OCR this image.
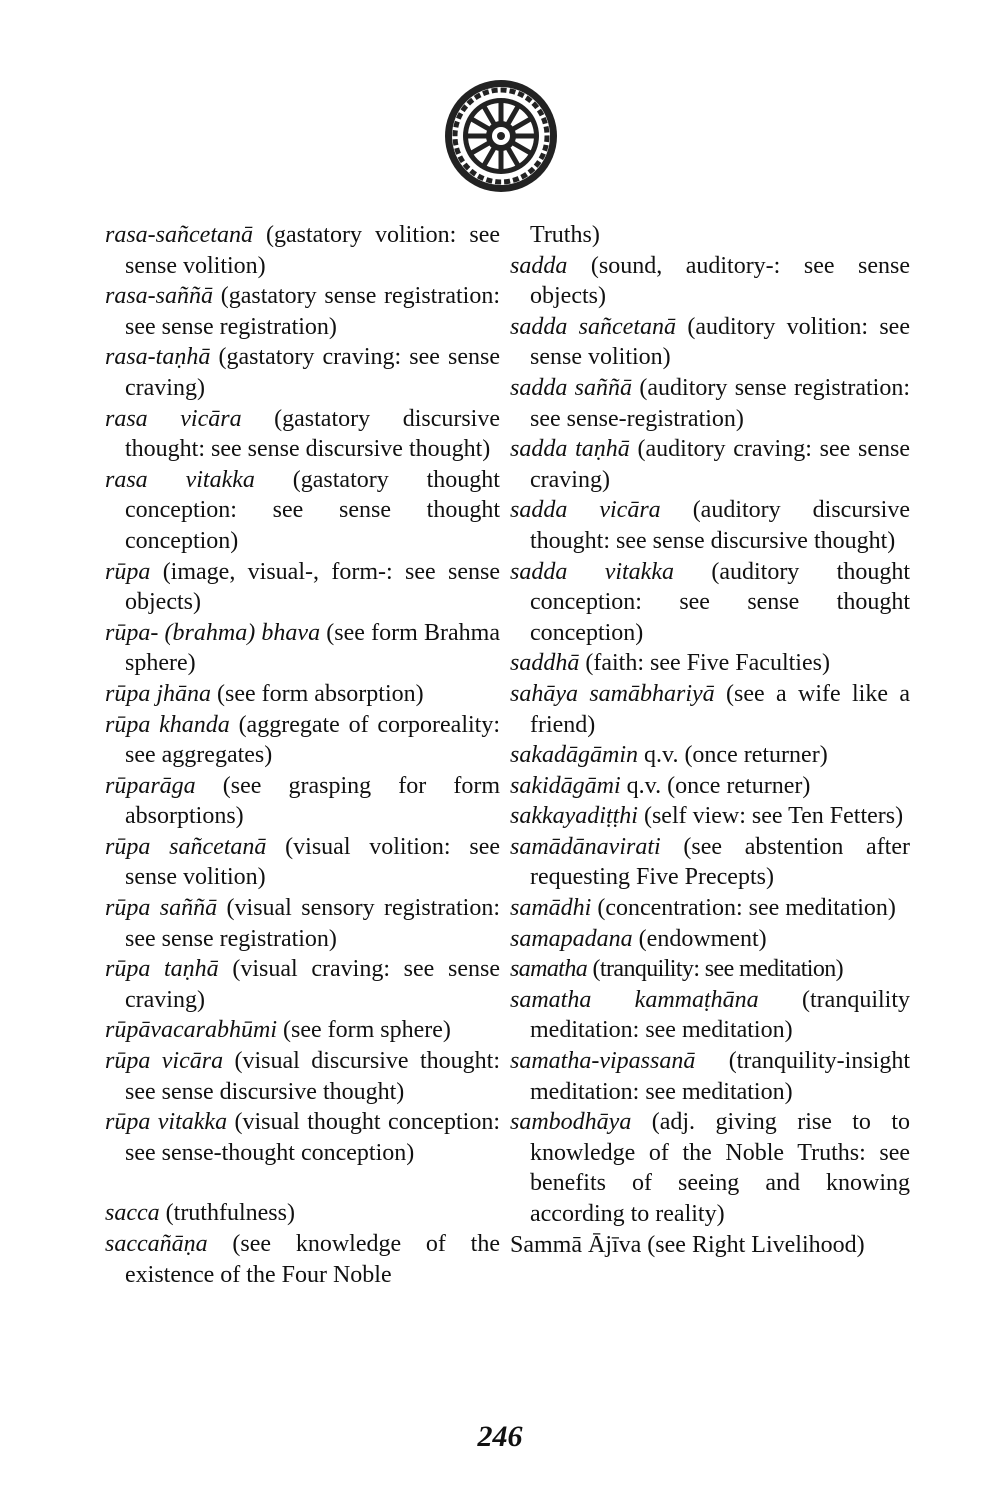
rasa-sañcetanā (gastatory volition: see sense volition)
rasa-saññā (gastatory sense registration: see sense registration)
rasa-taṇhā (gastatory craving: see sense craving)
rasa vicāra (gastatory discursive thought: see sense discursive thought)
rasa vitakka (gastatory thought conception: see sense thought conception)
rūpa (image, visual-, form-: see sense objects)
rūpa- (brahma) bhava (see form Brahma sphere)
rūpa jhāna (see form absorption)
rūpa khanda (aggregate of corporeality: see aggregates)
rūparāga (see grasping for form absorptions)
rūpa sañcetanā (visual volition: see sense volition)
rūpa saññā (visual sensory registration: see sense registration)
rūpa taṇhā (visual craving: see sense craving)
rūpāvacarabhūmi (see form sphere)
rūpa vicāra (visual discursive thought: see sense discursive thought)
rūpa vitakka (visual thought conception: see sense-thought conception)
sacca (truthfulness)
saccañāṇa (see knowledge of the existence of the Four Noble
Truths)
sadda (sound, auditory-: see sense objects)
sadda sañcetanā (auditory volition: see sense volition)
sadda saññā (auditory sense registration: see sense-registration)
sadda taṇhā (auditory craving: see sense craving)
sadda vicāra (auditory discursive thought: see sense discursive thought)
sadda vitakka (auditory thought conception: see sense thought conception)
saddhā (faith: see Five Faculties)
sahāya samābhariyā (see a wife like a friend)
sakadāgāmin q.v. (once returner)
sakidāgāmi q.v. (once returner)
sakkayadiṭṭhi (self view: see Ten Fetters)
samādānavirati (see abstention after requesting Five Precepts)
samādhi (concentration: see meditation)
samapadana (endowment)
samatha (tranquility: see meditation)
samatha kammaṭhāna (tranquility meditation: see meditation)
samatha-vipassanā (tranquility-insight meditation: see meditation)
sambodhāya (adj. giving rise to to knowledge of the Noble Truths: see benefits of seeing and knowing according to reality)
Sammā Ājīva (see Right Livelihood)
246
